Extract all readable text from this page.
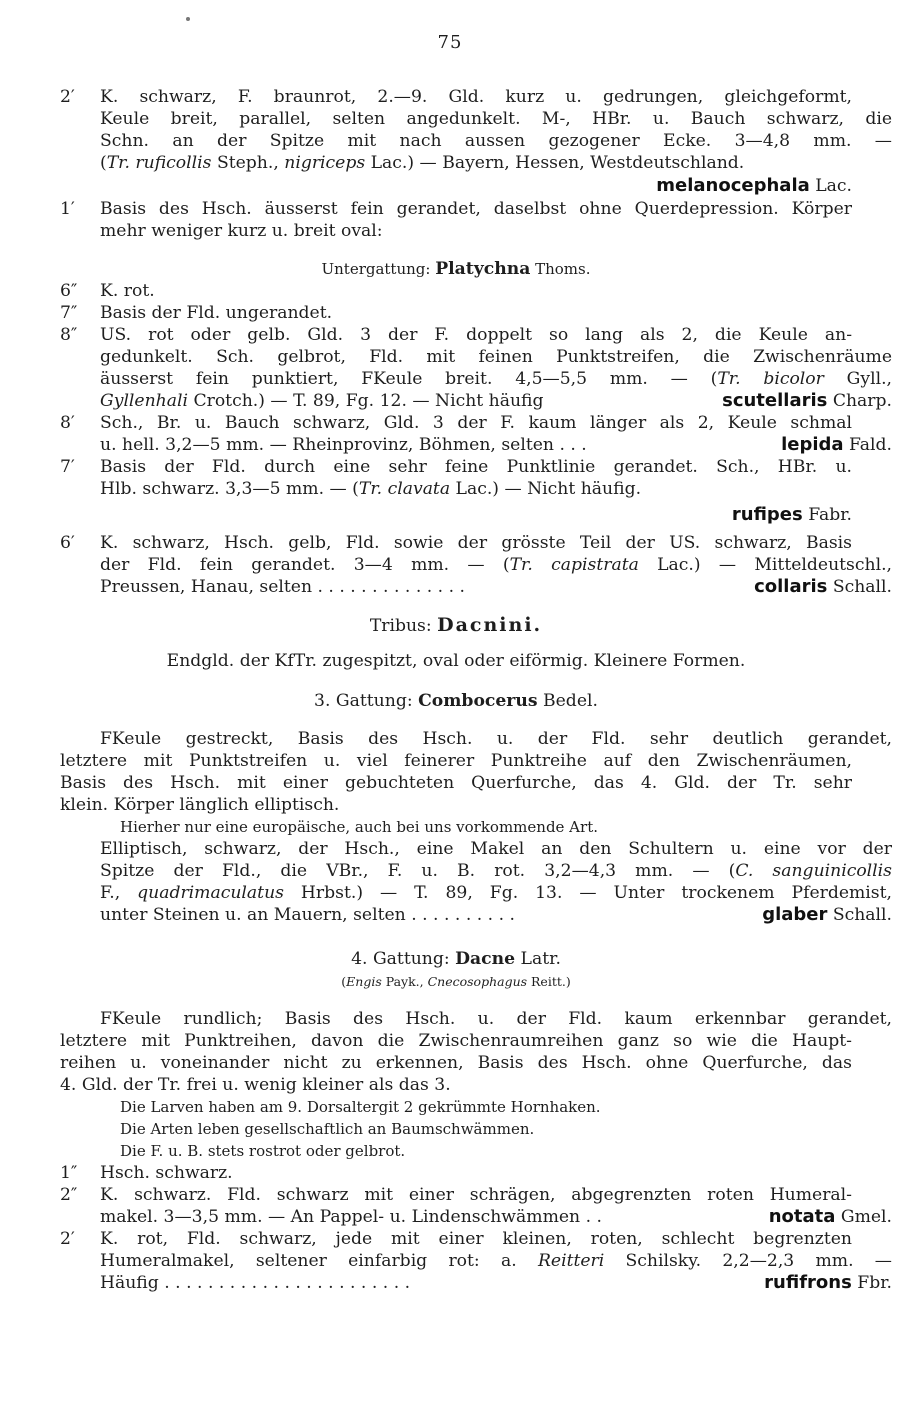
75
2′ K. schwarz, F. braunrot, 2.—9. Gld. kurz u. gedrungen, gleichgeformt,
Keule breit, parallel, selten angedunkelt. M-, HBr. u. Bauch schwarz, die
Schn. an der Spitze mit nach aussen gezogener Ecke. 3—4,8 mm. —
(Tr. ruficollis Steph., nigriceps Lac.) — Bayern, Hessen, Westdeutschland.
melanocephala Lac.
1′ Basis des Hsch. äusserst fein gerandet, daselbst ohne Querdepression. Körper
mehr weniger kurz u. breit oval:
Untergattung: Platychna Thoms.
6″ K. rot.
7″ Basis der Fld. ungerandet.
8″ US. rot oder gelb. Gld. 3 der F. doppelt so lang als 2, die Keule an-
gedunkelt. Sch. gelbrot, Fld. mit feinen Punktstreifen, die Zwischenräume
äusserst fein punktiert, FKeule breit. 4,5—5,5 mm. — (Tr. bicolor Gyll.,
Gyllenhali Crotch.) — T. 89, Fg. 12. — Nicht häufig	scutellaris Charp.
8′ Sch., Br. u. Bauch schwarz, Gld. 3 der F. kaum länger als 2, Keule schmal
u. hell. 3,2—5 mm. — Rheinprovinz, Böhmen, selten . . .	lepida Fald.
7′ Basis der Fld. durch eine sehr feine Punktlinie gerandet. Sch., HBr. u.
Hlb. schwarz. 3,3—5 mm. — (Tr. clavata Lac.) — Nicht häufig.
rufipes Fabr.
6′ K. schwarz, Hsch. gelb, Fld. sowie der grösste Teil der US. schwarz, Basis
der Fld. fein gerandet. 3—4 mm. — (Tr. capistrata Lac.) — Mitteldeutschl.,
Preussen, Hanau, selten . . . . . . . . . . . . . .	collaris Schall.
Tribus: Dacnini.
Endgld. der KfTr. zugespitzt, oval oder eiförmig. Kleinere Formen.
3. Gattung: Combocerus Bedel.
FKeule gestreckt, Basis des Hsch. u. der Fld. sehr deutlich gerandet,
letztere mit Punktstreifen u. viel feinerer Punktreihe auf den Zwischenräumen,
Basis des Hsch. mit einer gebuchteten Querfurche, das 4. Gld. der Tr. sehr
klein. Körper länglich elliptisch.
Hierher nur eine europäische, auch bei uns vorkommende Art.
Elliptisch, schwarz, der Hsch., eine Makel an den Schultern u. eine vor der
Spitze der Fld., die VBr., F. u. B. rot. 3,2—4,3 mm. — (C. sanguinicollis
F., quadrimaculatus Hrbst.) — T. 89, Fg. 13. — Unter trockenem Pferdemist,
unter Steinen u. an Mauern, selten . . . . . . . . . .	glaber Schall.
4. Gattung: Dacne Latr.
(Engis Payk., Cnecosophagus Reitt.)
FKeule rundlich; Basis des Hsch. u. der Fld. kaum erkennbar gerandet,
letztere mit Punktreihen, davon die Zwischenraumreihen ganz so wie die Haupt-
reihen u. voneinander nicht zu erkennen, Basis des Hsch. ohne Querfurche, das
4. Gld. der Tr. frei u. wenig kleiner als das 3.
Die Larven haben am 9. Dorsaltergit 2 gekrümmte Hornhaken.
Die Arten leben gesellschaftlich an Baumschwämmen.
Die F. u. B. stets rostrot oder gelbrot.
1″ Hsch. schwarz.
2″ K. schwarz. Fld. schwarz mit einer schrägen, abgegrenzten roten Humeral-
makel. 3—3,5 mm. — An Pappel- u. Lindenschwämmen . .	notata Gmel.
2′ K. rot, Fld. schwarz, jede mit einer kleinen, roten, schlecht begrenzten
Humeralmakel, seltener einfarbig rot: a. Reitteri Schilsky. 2,2—2,3 mm. —
Häufig . . . . . . . . . . . . . . . . . . . . . . .	rufifrons Fbr.
